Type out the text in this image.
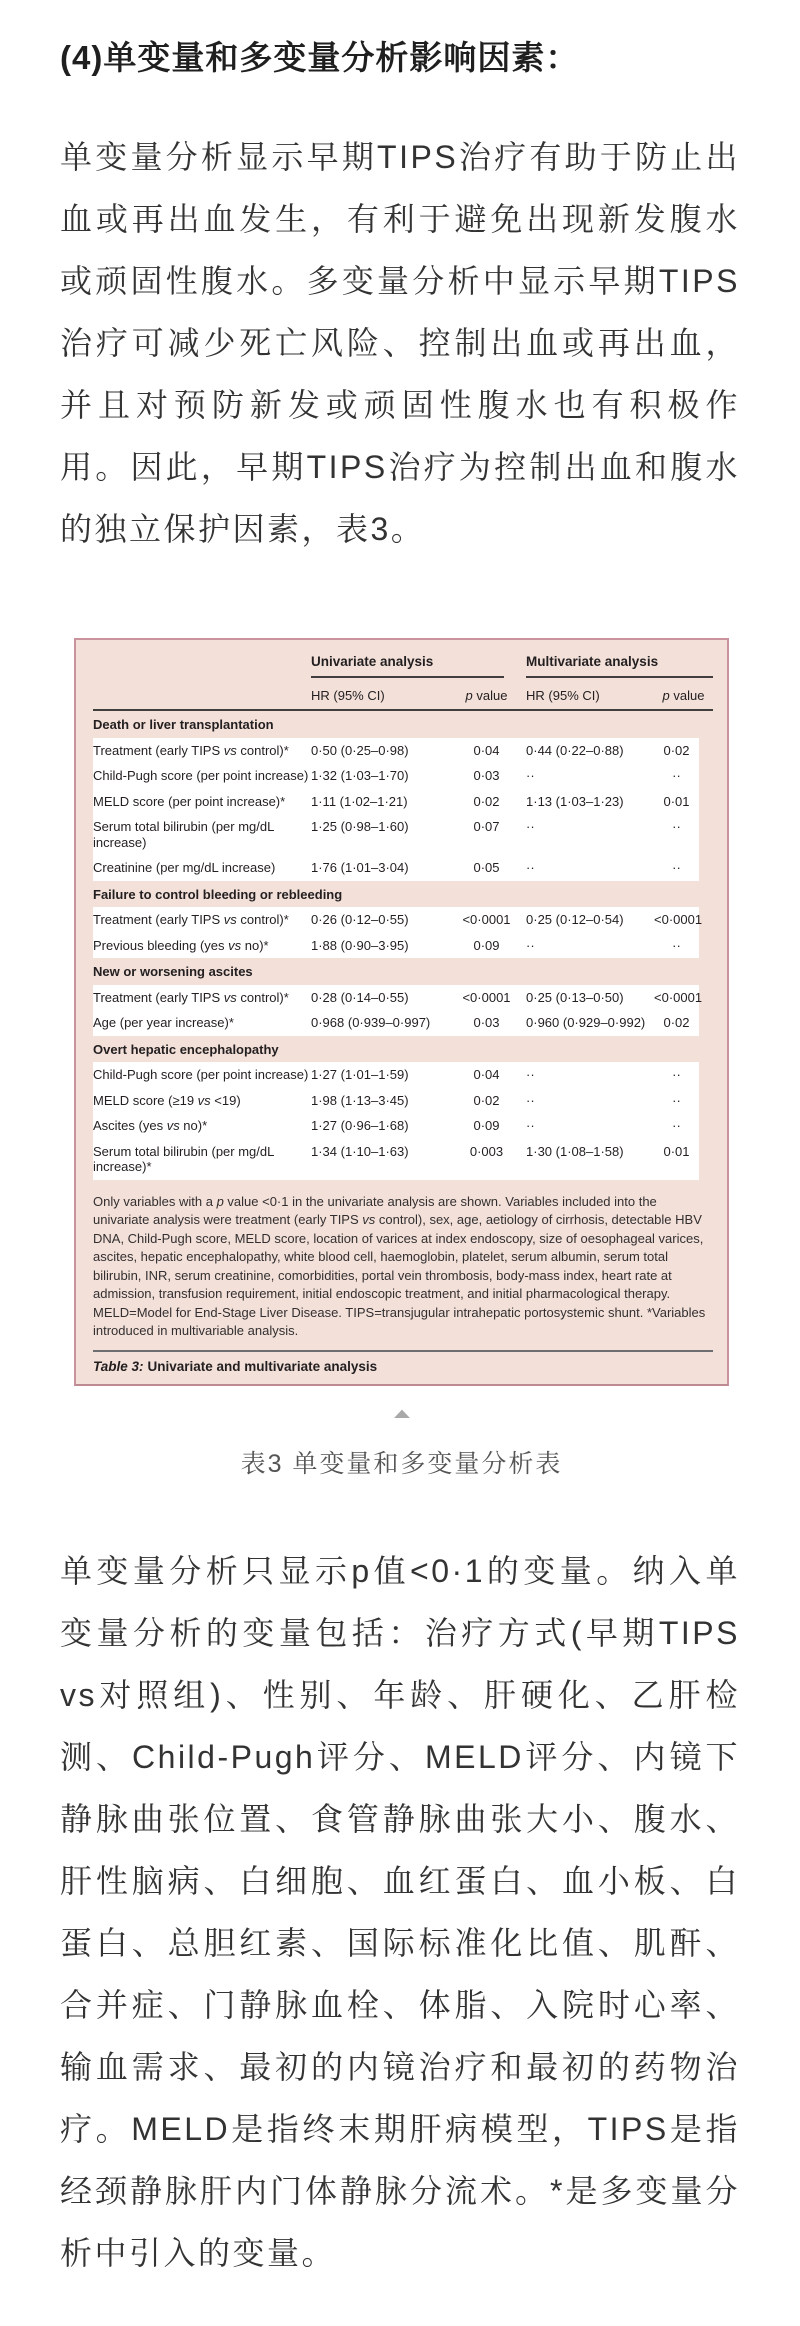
(4)单变量和多变量分析影响因素：

单变量分析显示早期TIPS治疗有助于防止出血或再出血发生，有利于避免出现新发腹水或顽固性腹水。多变量分析中显示早期TIPS治疗可减少死亡风险、控制出血或再出血，并且对预防新发或顽固性腹水也有积极作用。因此，早期TIPS治疗为控制出血和腹水的独立保护因素，表3。

	Univariate analysis		Multivariate analysis	

	HR (95% CI)	p value	HR (95% CI)	p value
Death or liver transplantation				
Treatment (early TIPS vs control)*	0·50 (0·25–0·98)	0·04	0·44 (0·22–0·88)	0·02
Child-Pugh score (per point increase)	1·32 (1·03–1·70)	0·03	··	··
MELD score (per point increase)*	1·11 (1·02–1·21)	0·02	1·13 (1·03–1·23)	0·01
Serum total bilirubin (per mg/dL increase)	1·25 (0·98–1·60)	0·07	··	··
Creatinine (per mg/dL increase)	1·76 (1·01–3·04)	0·05	··	··
Failure to control bleeding or rebleeding				
Treatment (early TIPS vs control)*	0·26 (0·12–0·55)	<0·0001	0·25 (0·12–0·54)	<0·0001
Previous bleeding (yes vs no)*	1·88 (0·90–3·95)	0·09	··	··
New or worsening ascites				
Treatment (early TIPS vs control)*	0·28 (0·14–0·55)	<0·0001	0·25 (0·13–0·50)	<0·0001
Age (per year increase)*	0·968 (0·939–0·997)	0·03	0·960 (0·929–0·992)	0·02
Overt hepatic encephalopathy				
Child-Pugh score (per point increase)	1·27 (1·01–1·59)	0·04	··	··
MELD score (≥19 vs <19)	1·98 (1·13–3·45)	0·02	··	··
Ascites (yes vs no)*	1·27 (0·96–1·68)	0·09	··	··
Serum total bilirubin (per mg/dL increase)*	1·34 (1·10–1·63)	0·003	1·30 (1·08–1·58)	0·01
Only variables with a p value <0·1 in the univariate analysis are shown. Variables included into the univariate analysis were treatment (early TIPS vs control), sex, age, aetiology of cirrhosis, detectable HBV DNA, Child-Pugh score, MELD score, location of varices at index endoscopy, size of oesophageal varices, ascites, hepatic encephalopathy, white blood cell, haemoglobin, platelet, serum albumin, serum total bilirubin, INR, serum creatinine, comorbidities, portal vein thrombosis, body-mass index, heart rate at admission, transfusion requirement, initial endoscopic treatment, and initial pharmacological therapy. MELD=Model for End-Stage Liver Disease. TIPS=transjugular intrahepatic portosystemic shunt. *Variables introduced in multivariable analysis.
Table 3: Univariate and multivariate analysis
▲
表3 单变量和多变量分析表

单变量分析只显示p值<0·1的变量。纳入单变量分析的变量包括：治疗方式(早期TIPS vs对照组)、性别、年龄、肝硬化、乙肝检测、Child-Pugh评分、MELD评分、内镜下静脉曲张位置、食管静脉曲张大小、腹水、肝性脑病、白细胞、血红蛋白、血小板、白蛋白、总胆红素、国际标准化比值、肌酐、合并症、门静脉血栓、体脂、入院时心率、输血需求、最初的内镜治疗和最初的药物治疗。MELD是指终末期肝病模型，TIPS是指经颈静脉肝内门体静脉分流术。*是多变量分析中引入的变量。
